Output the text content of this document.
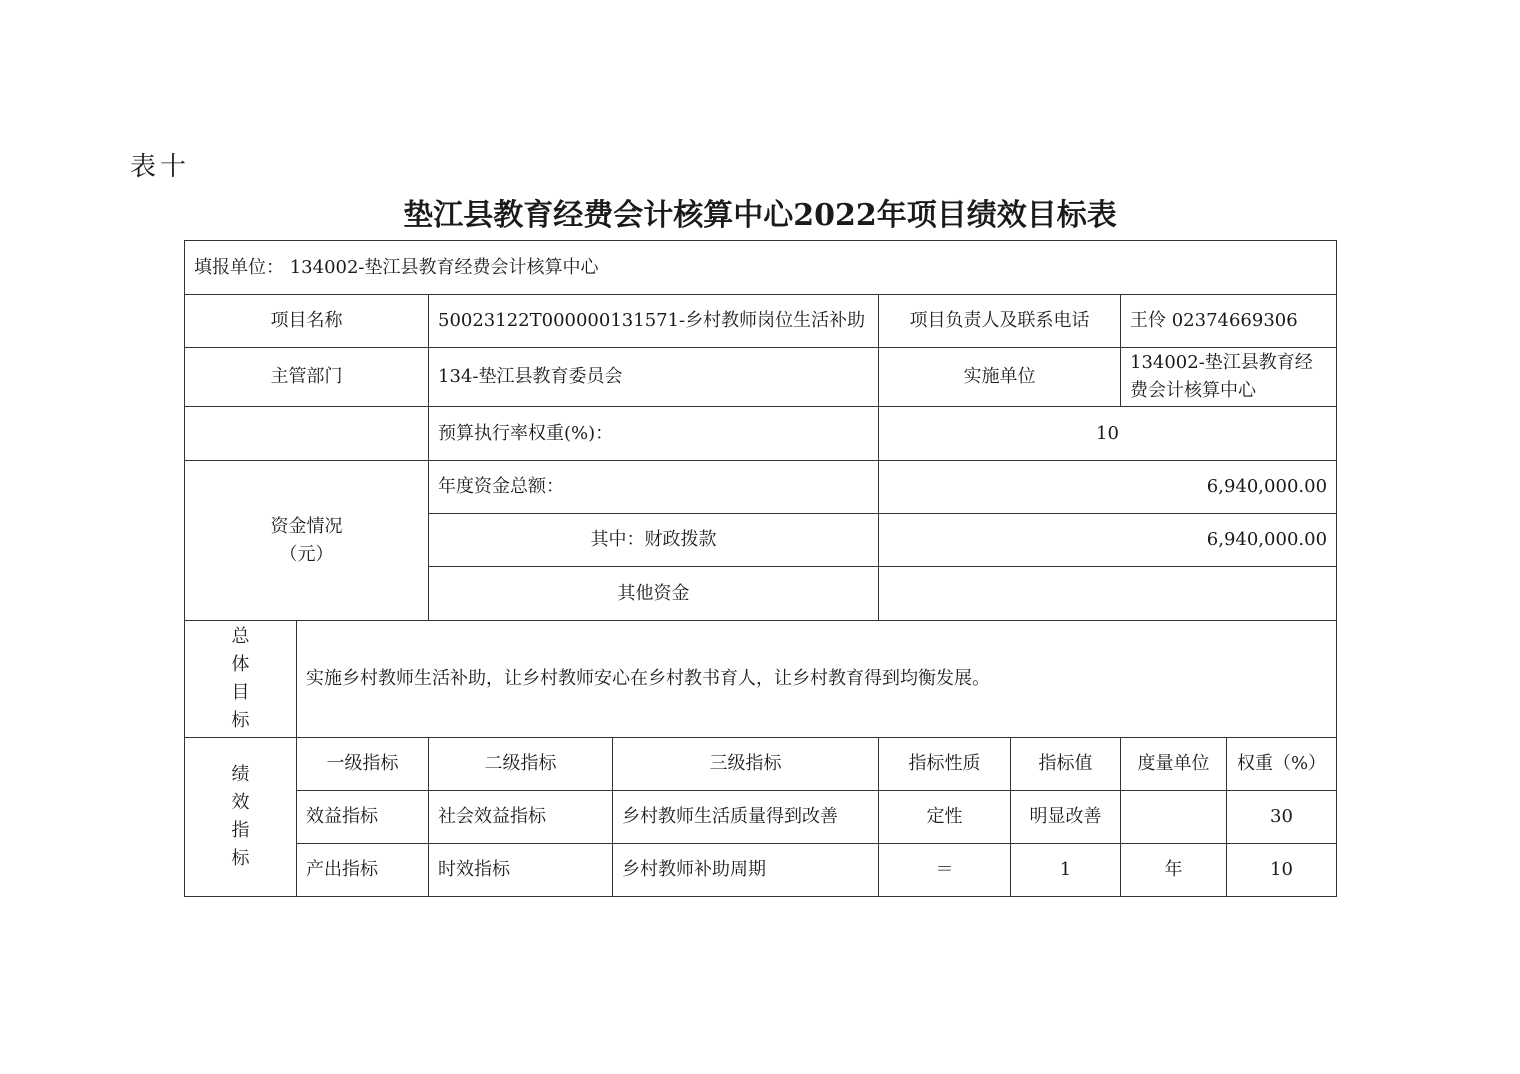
表十
垫江县教育经费会计核算中心2022年项目绩效目标表
填报单位： 134002-垫江县教育经费会计核算中心							
项目名称		50023122T000000131571-乡村教师岗位生活补助		项目负责人及联系电话		王伶 02374669306	
主管部门		134-垫江县教育委员会		实施单位		134002-垫江县教育经费会计核算中心	
		预算执行率权重(%)：		10			

资金情况
（元）		年度资金总额：		6,940,000.00			
		其中：财政拨款		6,940,000.00			
		其他资金					

总
体
目
标	实施乡村教师生活补助，让乡村教师安心在乡村教书育人，让乡村教育得到均衡发展。						

绩
效
指
标	一级指标	二级指标	三级指标	指标性质	指标值	度量单位	权重（%）
	效益指标	社会效益指标	乡村教师生活质量得到改善	定性	明显改善		30
	产出指标	时效指标	乡村教师补助周期	＝	1	年	10
